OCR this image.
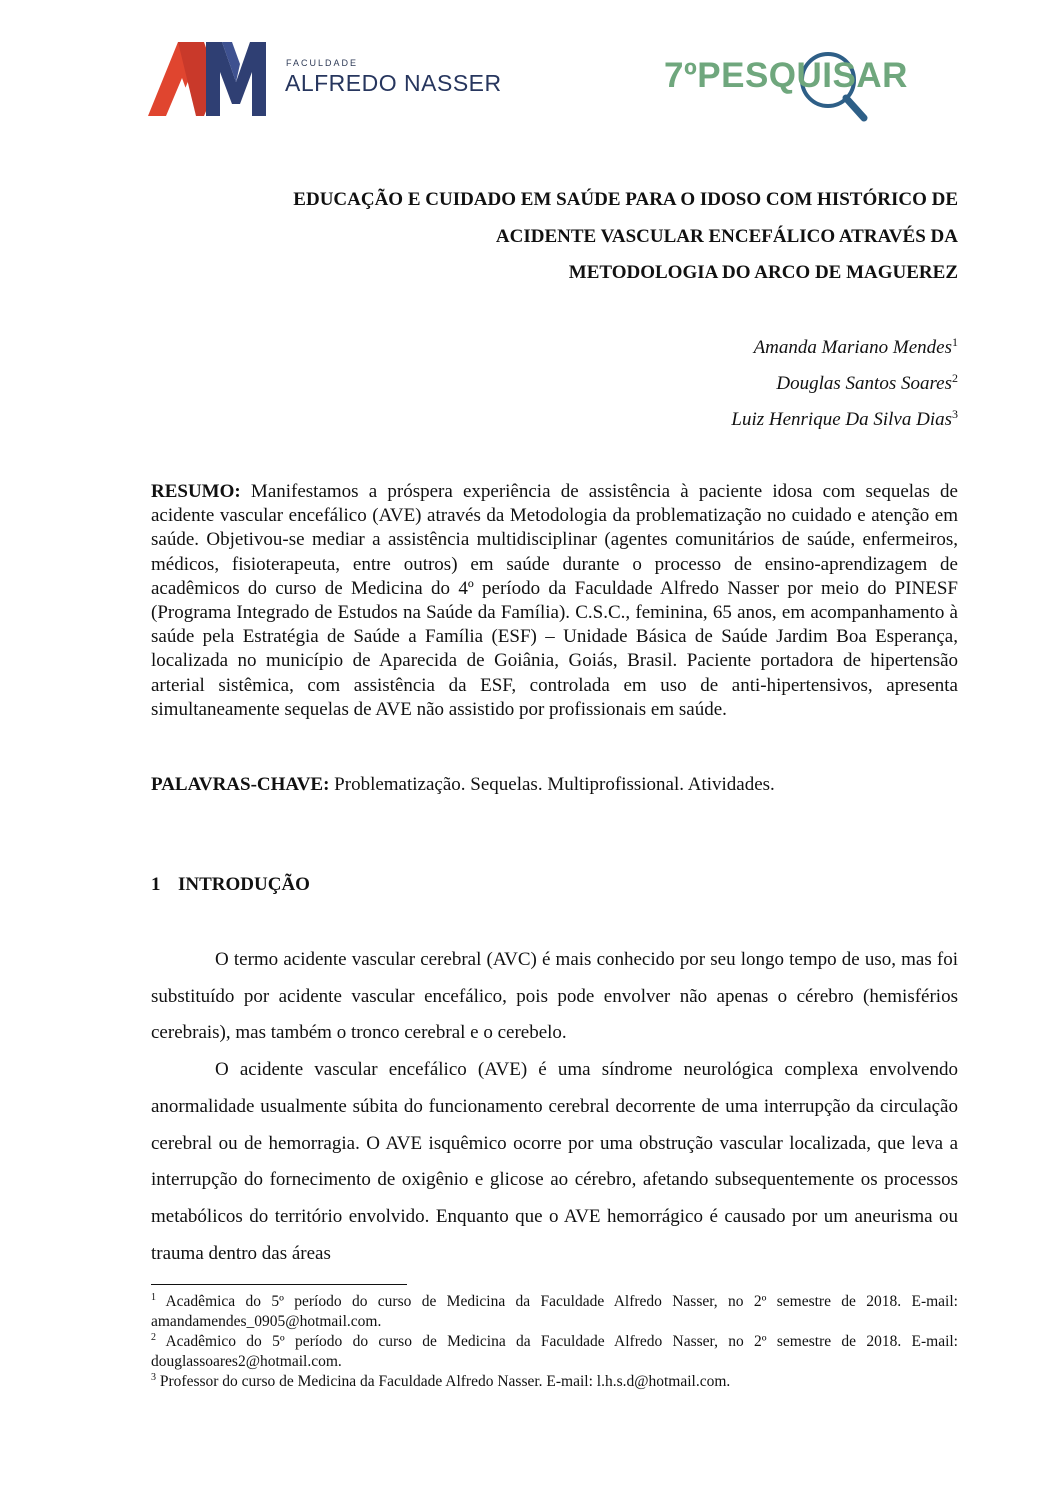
FACULDADE
ALFREDO NASSER	7ºPESQUISAR
EDUCAÇÃO E CUIDADO EM SAÚDE PARA O IDOSO COM HISTÓRICO DE
ACIDENTE VASCULAR ENCEFÁLICO ATRAVÉS DA
METODOLOGIA DO ARCO DE MAGUEREZ
Amanda Mariano Mendes$^1$
Douglas Santos Soares$^2$
Luiz Henrique Da Silva Dias$^3$

RESUMO: Manifestamos a próspera experiência de assistência à paciente idosa com sequelas de acidente vascular encefálico (AVE) através da Metodologia da problematização no cuidado e atenção em saúde. Objetivou-se mediar a assistência multidisciplinar (agentes comunitários de saúde, enfermeiros, médicos, fisioterapeuta, entre outros) em saúde durante o processo de ensino-aprendizagem de acadêmicos do curso de Medicina do 4º período da Faculdade Alfredo Nasser por meio do PINESF (Programa Integrado de Estudos na Saúde da Família). C.S.C., feminina, 65 anos, em acompanhamento à saúde pela Estratégia de Saúde a Família (ESF) – Unidade Básica de Saúde Jardim Boa Esperança, localizada no município de Aparecida de Goiânia, Goiás, Brasil. Paciente portadora de hipertensão arterial sistêmica, com assistência da ESF, controlada em uso de anti-hipertensivos, apresenta simultaneamente sequelas de AVE não assistido por profissionais em saúde.

PALAVRAS-CHAVE: Problematização. Sequelas. Multiprofissional. Atividades.

1 INTRODUÇÃO

O termo acidente vascular cerebral (AVC) é mais conhecido por seu longo tempo de uso, mas foi substituído por acidente vascular encefálico, pois pode envolver não apenas o cérebro (hemisférios cerebrais), mas também o tronco cerebral e o cerebelo.

O acidente vascular encefálico (AVE) é uma síndrome neurológica complexa envolvendo anormalidade usualmente súbita do funcionamento cerebral decorrente de uma interrupção da circulação cerebral ou de hemorragia. O AVE isquêmico ocorre por uma obstrução vascular localizada, que leva a interrupção do fornecimento de oxigênio e glicose ao cérebro, afetando subsequentemente os processos metabólicos do território envolvido. Enquanto que o AVE hemorrágico é causado por um aneurisma ou trauma dentro das áreas

$^1$ Acadêmica do 5º período do curso de Medicina da Faculdade Alfredo Nasser, no 2º semestre de 2018. E-mail: amandamendes_0905@hotmail.com.

$^2$ Acadêmico do 5º período do curso de Medicina da Faculdade Alfredo Nasser, no 2º semestre de 2018. E-mail: douglassoares2@hotmail.com.

$^3$ Professor do curso de Medicina da Faculdade Alfredo Nasser. E-mail: l.h.s.d@hotmail.com.
